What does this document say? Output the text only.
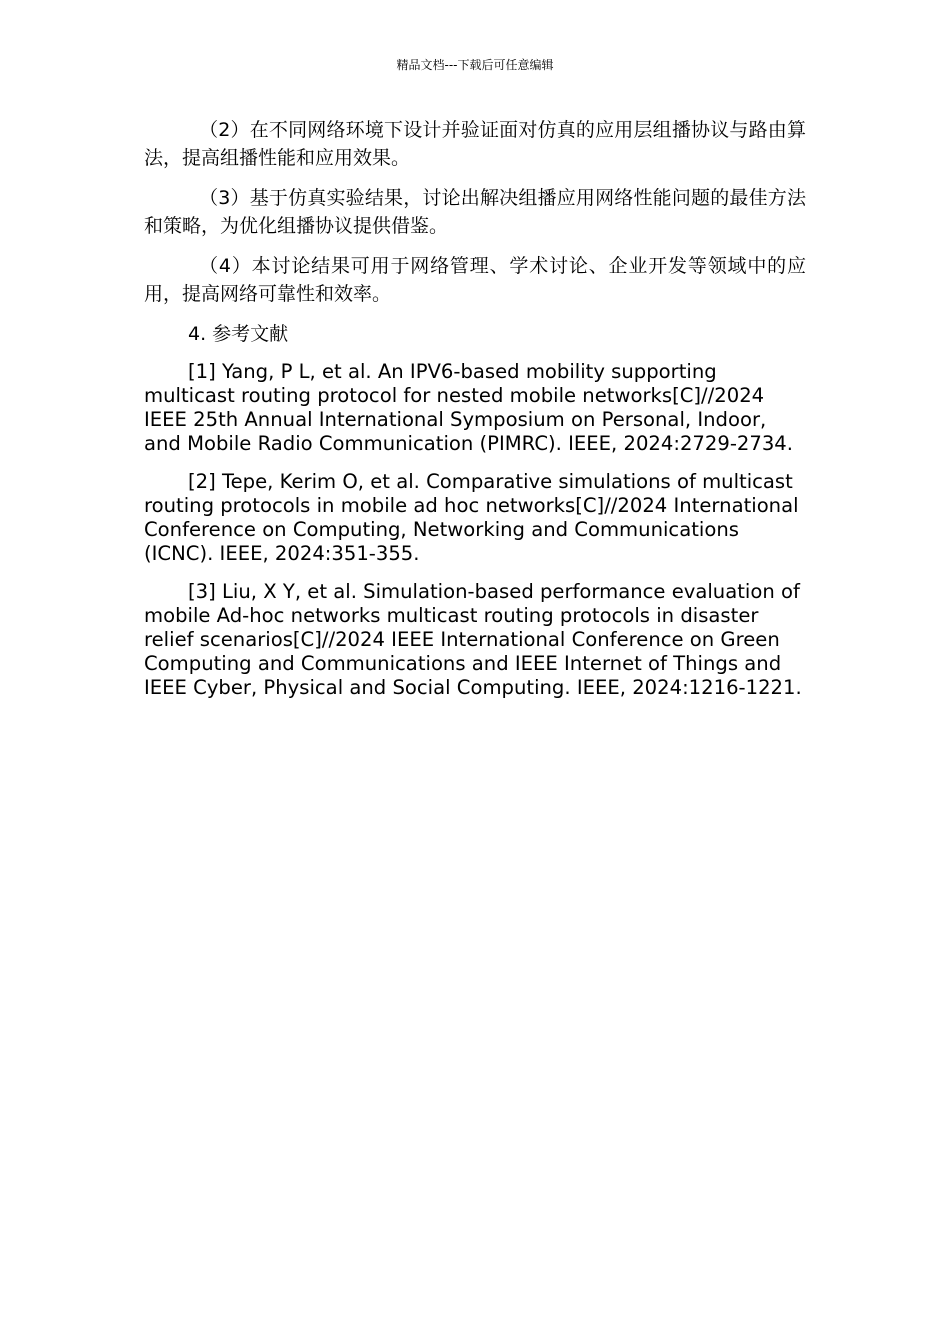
精品文档---下载后可任意编辑

（2）在不同网络环境下设计并验证面对仿真的应用层组播协议与路由算法，提高组播性能和应用效果。

（3）基于仿真实验结果，讨论出解决组播应用网络性能问题的最佳方法和策略，为优化组播协议提供借鉴。

（4）本讨论结果可用于网络管理、学术讨论、企业开发等领域中的应用，提高网络可靠性和效率。

4. 参考文献

[1] Yang, P L, et al. An IPV6-based mobility supporting multicast routing protocol for nested mobile networks[C]//2024 IEEE 25th Annual International Symposium on Personal, Indoor, and Mobile Radio Communication (PIMRC). IEEE, 2024:2729-2734.

[2] Tepe, Kerim O, et al. Comparative simulations of multicast routing protocols in mobile ad hoc networks[C]//2024 International Conference on Computing, Networking and Communications (ICNC). IEEE, 2024:351-355.

[3] Liu, X Y, et al. Simulation-based performance evaluation of mobile Ad-hoc networks multicast routing protocols in disaster relief scenarios[C]//2024 IEEE International Conference on Green Computing and Communications and IEEE Internet of Things and IEEE Cyber, Physical and Social Computing. IEEE, 2024:1216-1221.
